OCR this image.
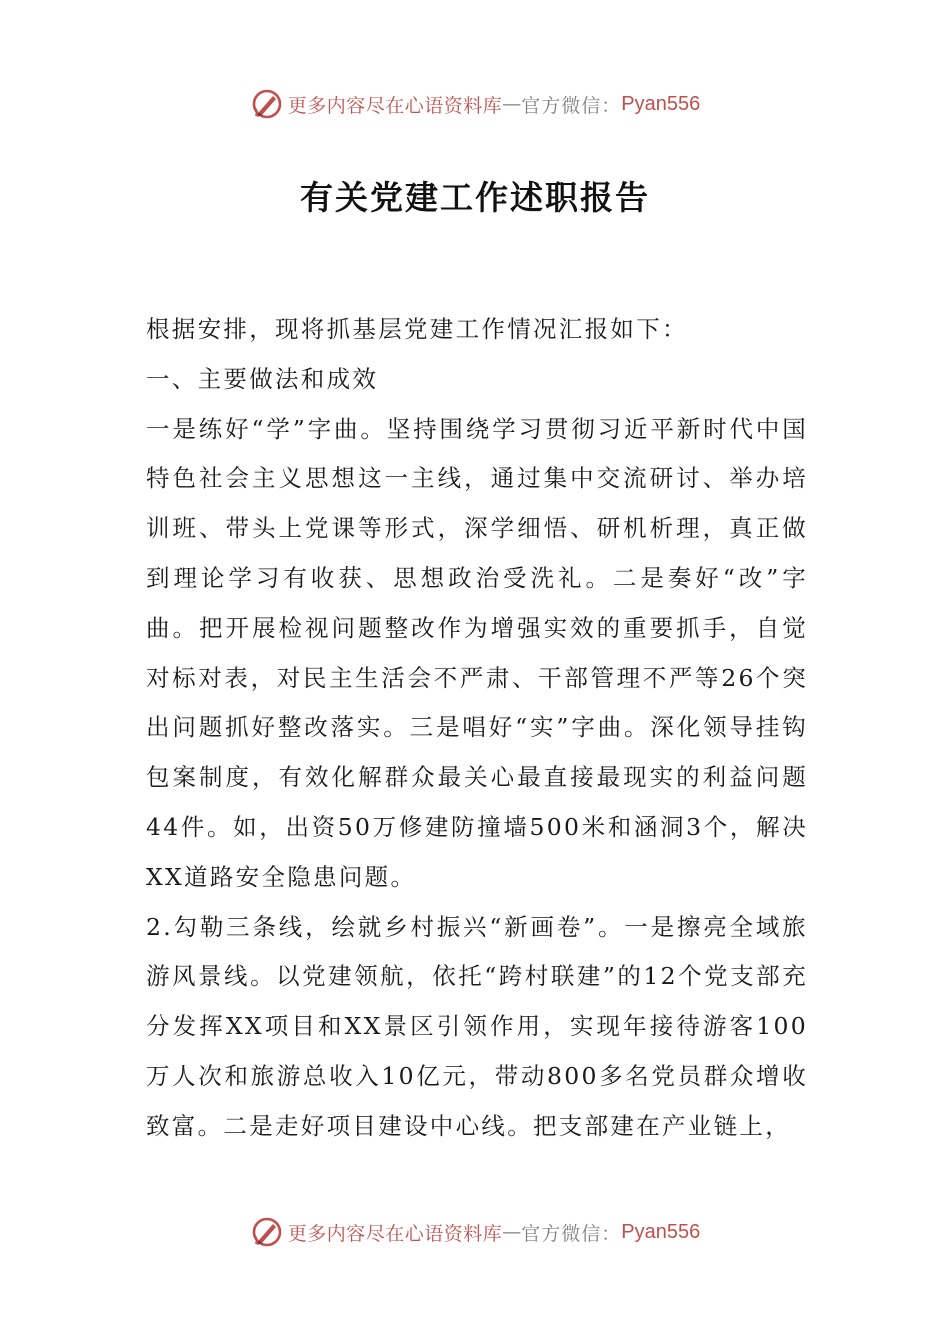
更多内容尽在心语资料库 — 官方微信： Pyan556
有关党建工作述职报告

根据安排，现将抓基层党建工作情况汇报如下：

一、主要做法和成效

一是练好“学”字曲。坚持围绕学习贯彻习近平新时代中国特色社会主义思想这一主线，通过集中交流研讨、举办培训班、带头上党课等形式，深学细悟、研机析理，真正做到理论学习有收获、思想政治受洗礼。二是奏好“改”字曲。把开展检视问题整改作为增强实效的重要抓手，自觉对标对表，对民主生活会不严肃、干部管理不严等26个突出问题抓好整改落实。三是唱好“实”字曲。深化领导挂钩包案制度，有效化解群众最关心最直接最现实的利益问题44件。如，出资50万修建防撞墙500米和涵洞3个，解决XX道路安全隐患问题。

2.勾勒三条线，绘就乡村振兴“新画卷”。一是擦亮全域旅游风景线。以党建领航，依托“跨村联建”的12个党支部充分发挥XX项目和XX景区引领作用，实现年接待游客100万人次和旅游总收入10亿元，带动800多名党员群众增收致富。二是走好项目建设中心线。把支部建在产业链上，

更多内容尽在心语资料库 — 官方微信： Pyan556
